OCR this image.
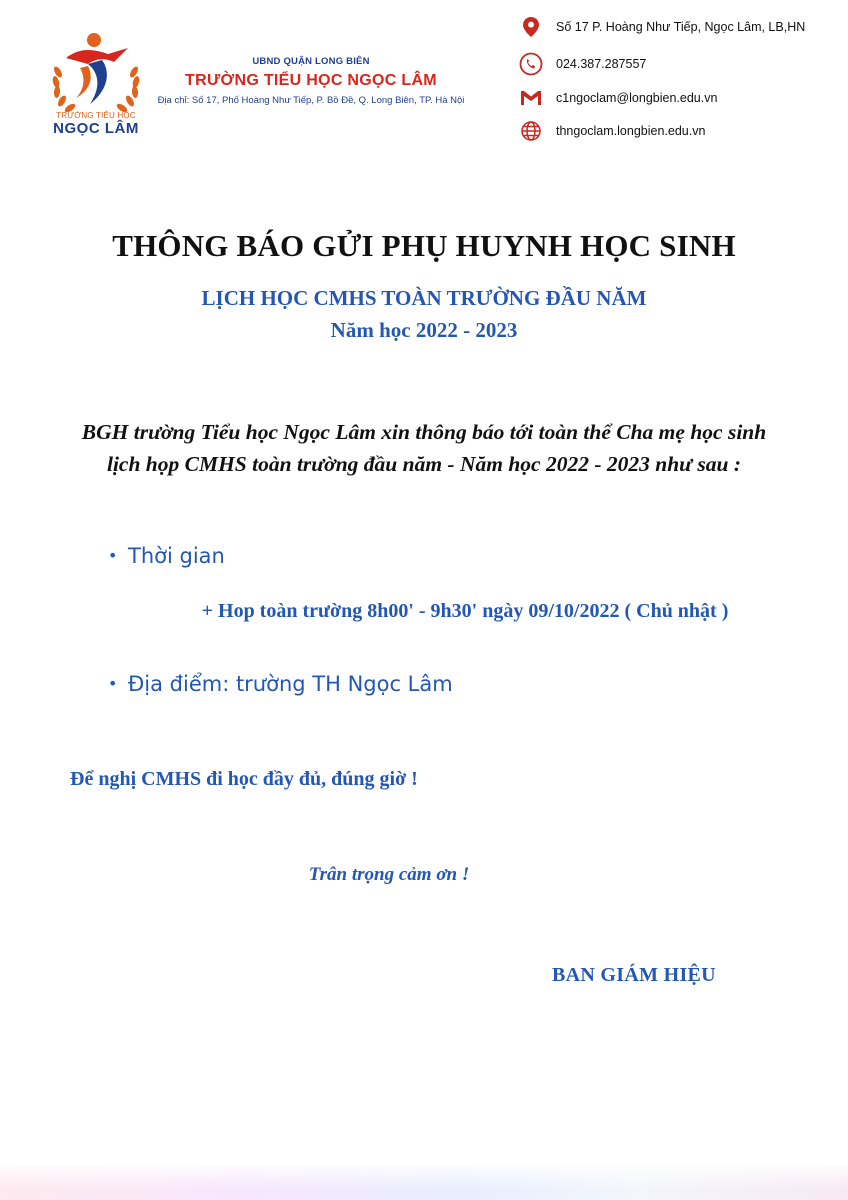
TRƯỜNG TIỂU HỌC
NGỌC LÂM
UBND QUẬN LONG BIÊN
TRƯỜNG TIỂU HỌC NGỌC LÂM
Địa chỉ: Số 17, Phố Hoàng Như Tiếp, P. Bồ Đề, Q. Long Biên, TP. Hà Nội
Số 17 P. Hoàng Như Tiếp, Ngọc Lâm, LB,HN
024.387.287557
c1ngoclam@longbien.edu.vn
thngoclam.longbien.edu.vn
THÔNG BÁO GỬI PHỤ HUYNH HỌC SINH
LỊCH HỌC CMHS TOÀN TRƯỜNG ĐẦU NĂM
Năm học 2022 - 2023
BGH trường Tiểu học Ngọc Lâm xin thông báo tới toàn thể Cha mẹ học sinh
lịch họp CMHS toàn trường đầu năm - Năm học 2022 - 2023 như sau :
• Thời gian
+ Hop toàn trường 8h00' - 9h30' ngày 09/10/2022 ( Chủ nhật )
• Địa điểm: trường TH Ngọc Lâm
Để nghị CMHS đi học đầy đủ, đúng giờ !
Trân trọng cảm ơn !
BAN GIÁM HIỆU
